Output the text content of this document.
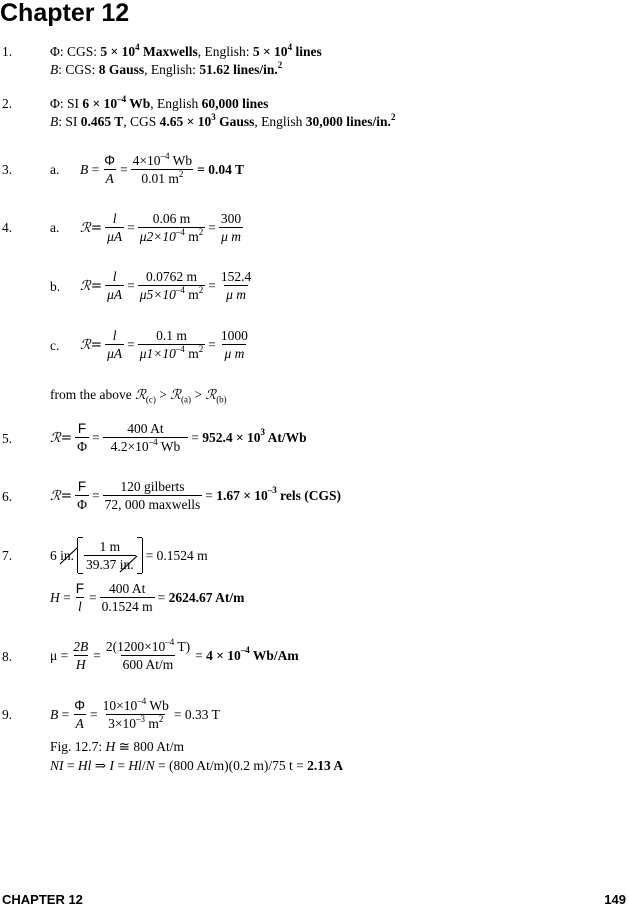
Chapter 12
1.	Φ: CGS: $5 \times 10^4$ Maxwells, English: $5 \times 10^4$ lines
B: CGS: 8 Gauss, English: 51.62 lines/in.$^2$
2.	Φ: SI $6 \times 10^{-4}$ Wb, English 60,000 lines
B: SI 0.465 T, CGS $4.65 \times 10^3$ Gauss, English 30,000 lines/in.$^2$
3.	a. $B = \frac{\Phi}{A} = \frac{4\times 10^{-4} Wb}{0.01 m^2} = 0.04$ T
4.	a. ℛ= $\frac{l}{\mu A} = \frac{0.06 m}{\mu 2\times 10^{-4} m^2} = \frac{300}{\text{μ m}}$
b. ℛ= $\frac{l}{\mu A} = \frac{0.0762 m}{\mu 5\times 10^{-4} m^2} = \frac{152.4}{\text{μ m}}$
c. ℛ= $\frac{l}{\mu A} = \frac{0.1 m}{\mu 1\times 10^{-4} m^2} = \frac{1000}{\text{μ m}}$
from the above ℛ$_{(c)}$ > ℛ$_{(a)}$ > ℛ$_{(b)}$
5.	ℛ= $\frac{F}{\Phi} = \frac{400 At}{4.2\times 10^{-4} Wb} = 952.4 \times 10^3$ At/Wb
6.	ℛ= $\frac{F}{\Phi} = \frac{\text{120 gilberts}}{\text{72, 000 maxwells}} = 1.67 \times 10^{-3}$ rels (CGS)
7.	6 in. $\frac{1 m}{39.37 in.} = 0.1524$ m
$H = \frac{F}{l} = \frac{400 At}{0.1524 m} = 2624.67$ At/m
8.	$\mu = \frac{2B}{H} = \frac{2(1200\times 10^{-4} T)}{600 At/m} = 4 \times 10^{-4}$ Wb/Am
9.	$B = \frac{\Phi}{A} = \frac{10\times 10^{-4} Wb}{3\times 10^{-3} m^2} = 0.33$ T
Fig. 12.7: H ≅ 800 At/m
NI = Hl ⇒ I = Hl/N = (800 At/m)(0.2 m)/75 t = 2.13 A
CHAPTER 12	149
